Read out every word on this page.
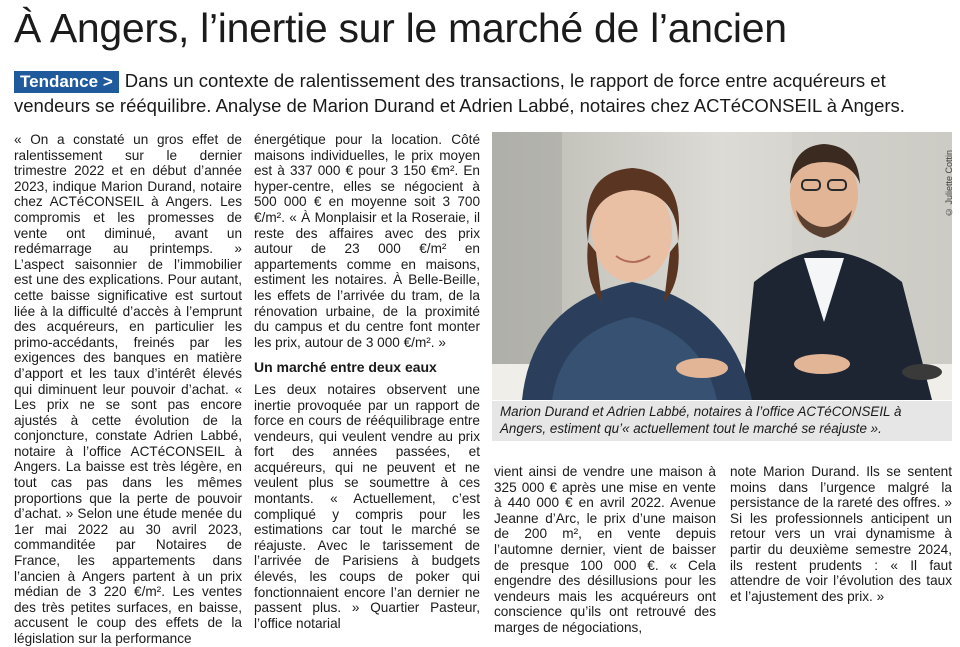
À Angers, l’inertie sur le marché de l’ancien
Tendance > Dans un contexte de ralentissement des transactions, le rapport de force entre acquéreurs et vendeurs se rééquilibre. Analyse de Marion Durand et Adrien Labbé, notaires chez ACTéCONSEIL à Angers.

« On a constaté un gros effet de ralentissement sur le dernier trimestre 2022 et en début d’année 2023, indique Marion Durand, notaire chez ACTéCONSEIL à Angers. Les compromis et les promesses de vente ont diminué, avant un redémarrage au printemps. » L’aspect saisonnier de l’immobilier est une des explications. Pour autant, cette baisse significative est surtout liée à la difficulté d’accès à l’emprunt des acquéreurs, en particulier les primo-accédants, freinés par les exigences des banques en matière d’apport et les taux d’intérêt élevés qui diminuent leur pouvoir d’achat. « Les prix ne se sont pas encore ajustés à cette évolution de la conjoncture, constate Adrien Labbé, notaire à l’office ACTéCONSEIL à Angers. La baisse est très légère, en tout cas pas dans les mêmes proportions que la perte de pouvoir d’achat. » Selon une étude menée du 1er mai 2022 au 30 avril 2023, commanditée par Notaires de France, les appartements dans l’ancien à Angers partent à un prix médian de 3 220 €/m². Les ventes des très petites surfaces, en baisse, accusent le coup des effets de la législation sur la performance

énergétique pour la location. Côté maisons individuelles, le prix moyen est à 337 000 € pour 3 150 €m². En hyper-centre, elles se négocient à 500 000 € en moyenne soit 3 700 €/m². « À Monplaisir et la Roseraie, il reste des affaires avec des prix autour de 23 000 €/m² en appartements comme en maisons, estiment les notaires. À Belle-Beille, les effets de l’arrivée du tram, de la rénovation urbaine, de la proximité du campus et du centre font monter les prix, autour de 3 000 €/m². »

Un marché entre deux eaux

Les deux notaires observent une inertie provoquée par un rapport de force en cours de rééquilibrage entre vendeurs, qui veulent vendre au prix fort des années passées, et acquéreurs, qui ne peuvent et ne veulent plus se soumettre à ces montants. « Actuellement, c’est compliqué y compris pour les estimations car tout le marché se réajuste. Avec le tarissement de l’arrivée de Parisiens à budgets élevés, les coups de poker qui fonctionnaient encore l’an dernier ne passent plus. » Quartier Pasteur, l’office notarial

© Juliette Cottin
Marion Durand et Adrien Labbé, notaires à l’office ACTéCONSEIL à Angers, estiment qu’« actuellement tout le marché se réajuste ».

vient ainsi de vendre une maison à 325 000 € après une mise en vente à 440 000 € en avril 2022. Avenue Jeanne d’Arc, le prix d’une maison de 200 m², en vente depuis l’automne dernier, vient de baisser de presque 100 000 €. « Cela engendre des désillusions pour les vendeurs mais les acquéreurs ont conscience qu’ils ont retrouvé des marges de négociations,

note Marion Durand. Ils se sentent moins dans l’urgence malgré la persistance de la rareté des offres. » Si les professionnels anticipent un retour vers un vrai dynamisme à partir du deuxième semestre 2024, ils restent prudents : « Il faut attendre de voir l’évolution des taux et l’ajustement des prix. »
